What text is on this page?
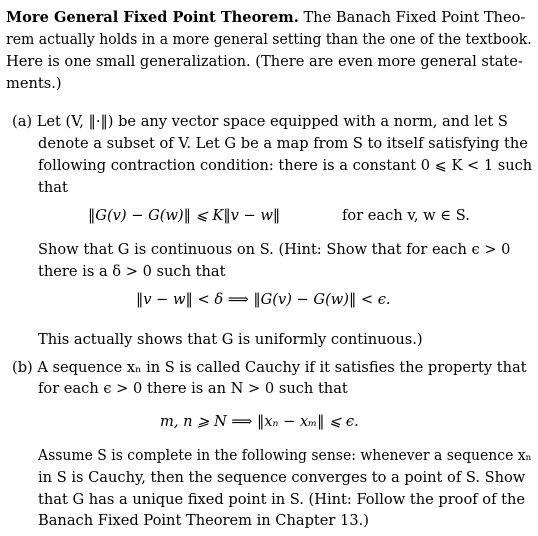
More General Fixed Point Theorem. The Banach Fixed Point Theo-
rem actually holds in a more general setting than the one of the textbook.
Here is one small generalization. (There are even more general state-
ments.)
(a) Let (V, ‖·‖) be any vector space equipped with a norm, and let S
denote a subset of V. Let G be a map from S to itself satisfying the
following contraction condition: there is a constant 0 ⩽ K < 1 such
that
‖G(v) − G(w)‖ ⩽ K‖v − w‖	for each v, w ∈ S.
Show that G is continuous on S. (Hint: Show that for each ϵ > 0
there is a δ > 0 such that
‖v − w‖ < δ ⟹ ‖G(v) − G(w)‖ < ϵ.
This actually shows that G is uniformly continuous.)
(b) A sequence xₙ in S is called Cauchy if it satisfies the property that
for each ϵ > 0 there is an N > 0 such that
m, n ⩾ N ⟹ ‖xₙ − xₘ‖ ⩽ ϵ.
Assume S is complete in the following sense: whenever a sequence xₙ
in S is Cauchy, then the sequence converges to a point of S. Show
that G has a unique fixed point in S. (Hint: Follow the proof of the
Banach Fixed Point Theorem in Chapter 13.)
